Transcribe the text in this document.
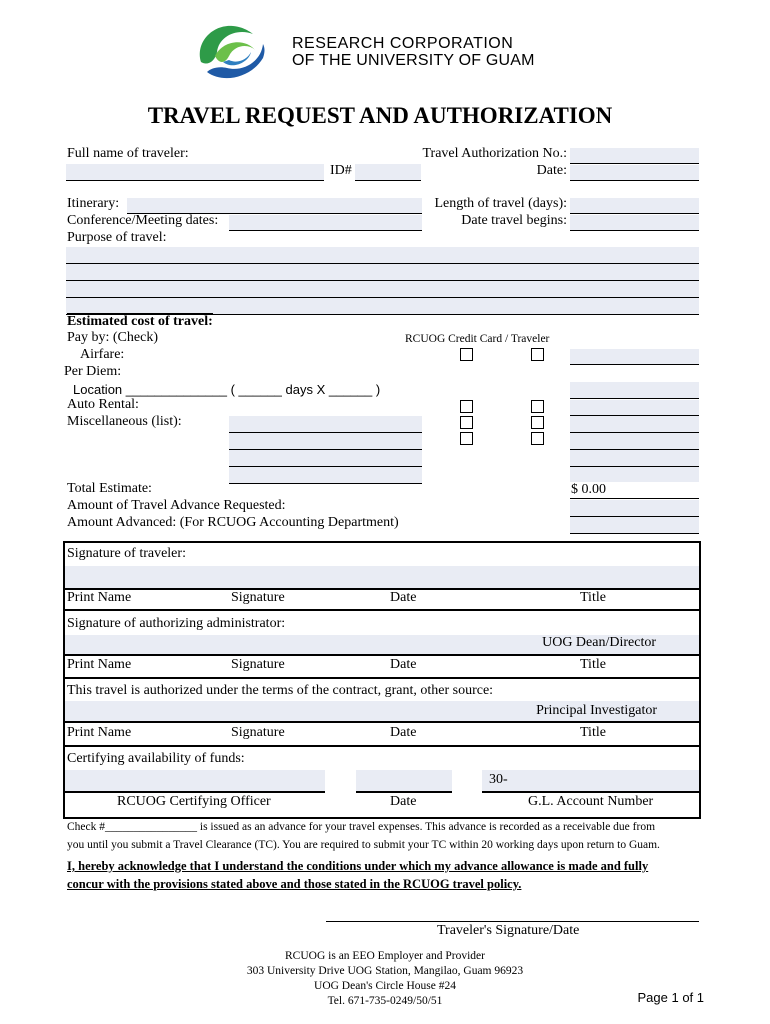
RESEARCH CORPORATION
OF THE UNIVERSITY OF GUAM
TRAVEL REQUEST AND AUTHORIZATION
Full name of traveler:
ID#
Travel Authorization No.:
Date:
Itinerary:
Conference/Meeting dates:
Purpose of travel:
Length of travel (days):
Date travel begins:
Estimated cost of travel:
Pay by: (Check)	RCUOG Credit Card / Traveler
Airfare:
Per Diem:
Location ______________ ( ______ days X ______ )
Auto Rental:
Miscellaneous (list):
Total Estimate:	$ 0.00
Amount of Travel Advance Requested:
Amount Advanced: (For RCUOG Accounting Department)
Signature of traveler:
Print Name	Signature	Date	Title
Signature of authorizing administrator:
UOG Dean/Director
Print Name	Signature	Date	Title
This travel is authorized under the terms of the contract, grant, other source:
Principal Investigator
Print Name	Signature	Date	Title
Certifying availability of funds:
30-
RCUOG Certifying Officer	Date	G.L. Account Number
Check #________________ is issued as an advance for your travel expenses. This advance is recorded as a receivable due from
you until you submit a Travel Clearance (TC). You are required to submit your TC within 20 working days upon return to Guam.
I, hereby acknowledge that I understand the conditions under which my advance allowance is made and fully
concur with the provisions stated above and those stated in the RCUOG travel policy.
Traveler's Signature/Date
RCUOG is an EEO Employer and Provider
303 University Drive UOG Station, Mangilao, Guam 96923
UOG Dean's Circle House #24
Tel. 671-735-0249/50/51	Page 1 of 1
